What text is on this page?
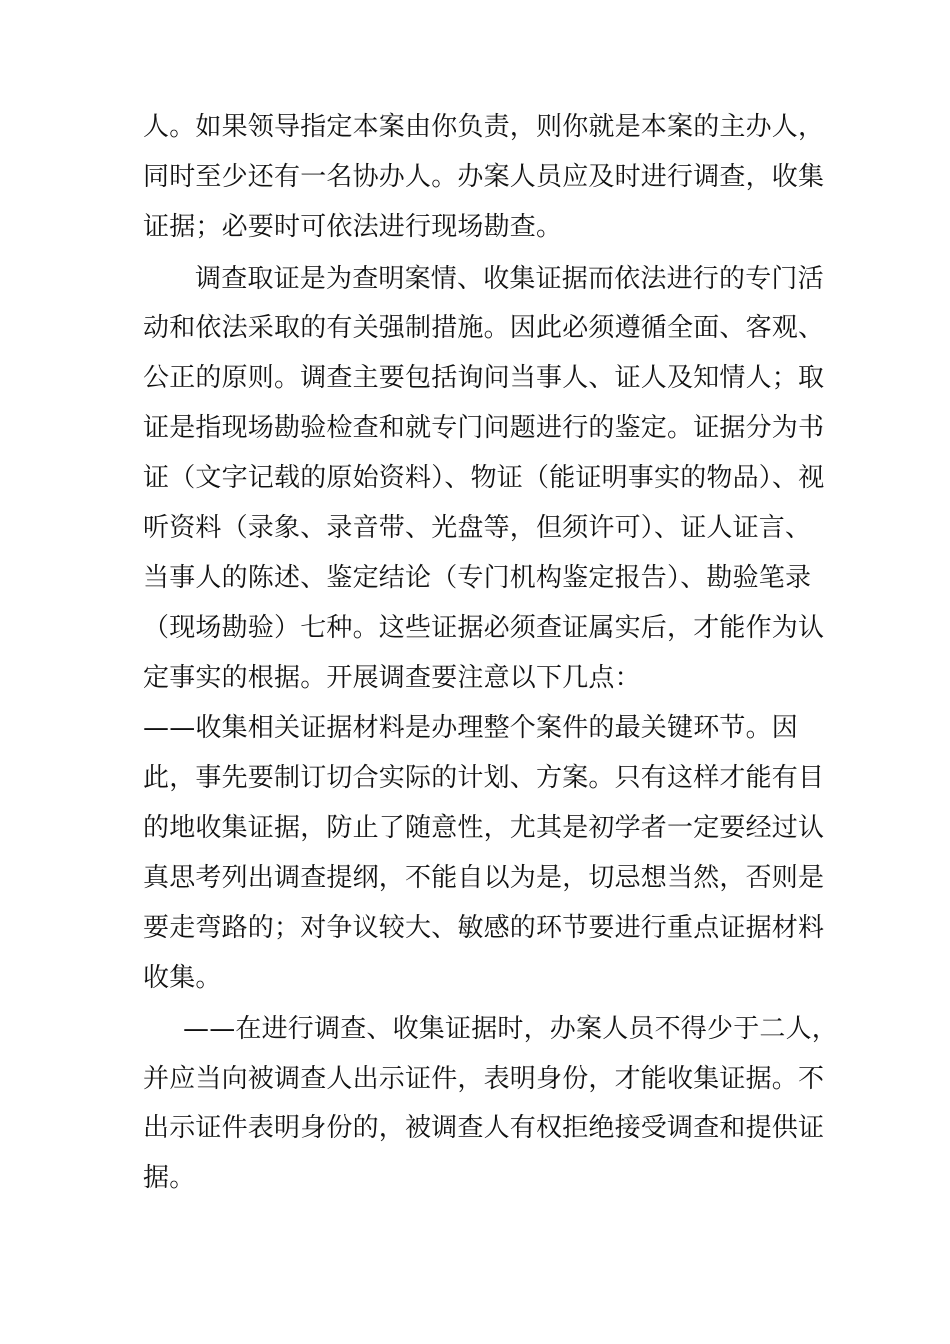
人。如果领导指定本案由你负责，则你就是本案的主办人，
同时至少还有一名协办人。办案人员应及时进行调查，收集
证据；必要时可依法进行现场勘查。
调查取证是为查明案情、收集证据而依法进行的专门活
动和依法采取的有关强制措施。因此必须遵循全面、客观、
公正的原则。调查主要包括询问当事人、证人及知情人；取
证是指现场勘验检查和就专门问题进行的鉴定。证据分为书
证（文字记载的原始资料）、物证（能证明事实的物品）、视
听资料（录象、录音带、光盘等，但须许可）、证人证言、
当事人的陈述、鉴定结论（专门机构鉴定报告）、勘验笔录
（现场勘验）七种。这些证据必须查证属实后，才能作为认
定事实的根据。开展调查要注意以下几点：
——收集相关证据材料是办理整个案件的最关键环节。因
此，事先要制订切合实际的计划、方案。只有这样才能有目
的地收集证据，防止了随意性，尤其是初学者一定要经过认
真思考列出调查提纲，不能自以为是，切忌想当然，否则是
要走弯路的；对争议较大、敏感的环节要进行重点证据材料
收集。
——在进行调查、收集证据时，办案人员不得少于二人，
并应当向被调查人出示证件，表明身份，才能收集证据。不
出示证件表明身份的，被调查人有权拒绝接受调查和提供证
据。
